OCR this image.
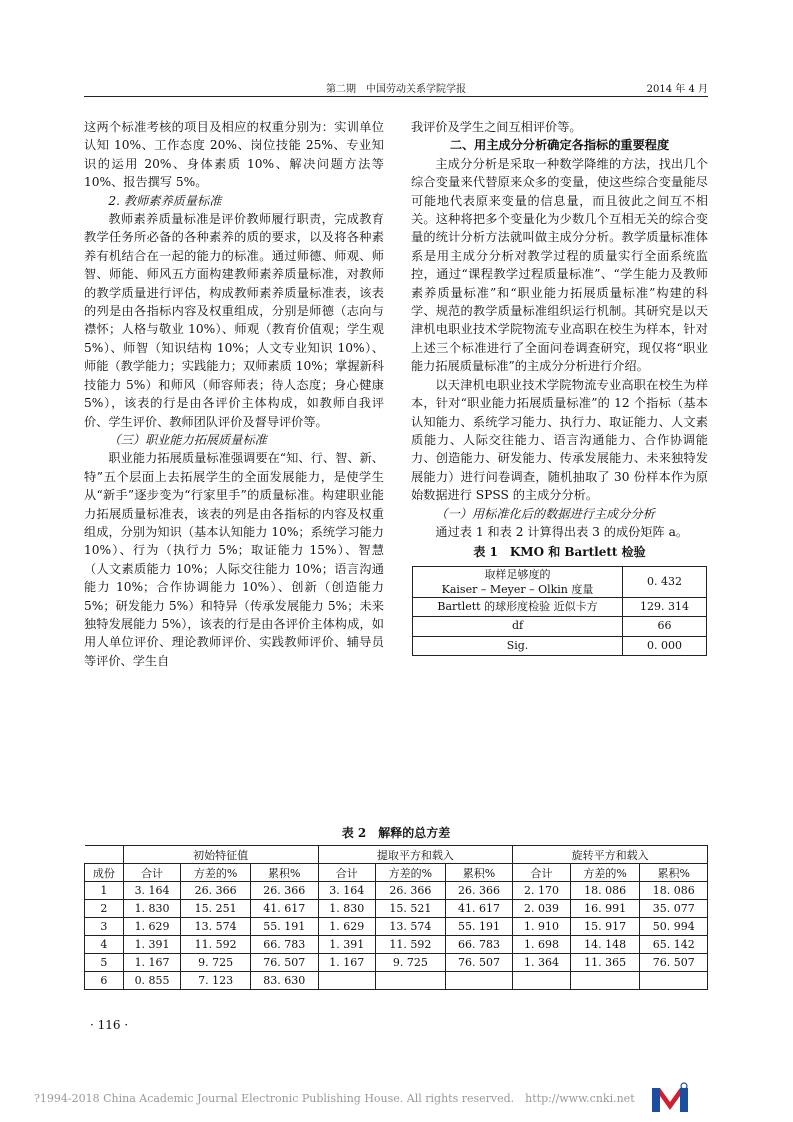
第二期　 中国劳动关系学院学报	2014 年 4 月

这两个标准考核的项目及相应的权重分别为：实训单位认知 10%、工作态度 20%、岗位技能 25%、专业知识的运用 20%、身体素质 10%、解决问题方法等 10%、报告撰写 5%。

2. 教师素养质量标准

教师素养质量标准是评价教师履行职责，完成教育教学任务所必备的各种素养的质的要求，以及将各种素养有机结合在一起的能力的标准。通过师德、师观、师智、师能、师风五方面构建教师素养质量标准，对教师的教学质量进行评估，构成教师素养质量标准表，该表的列是由各指标内容及权重组成，分别是师德（志向与襟怀；人格与敬业 10%）、师观（教育价值观；学生观 5%）、师智（知识结构 10%；人文专业知识 10%）、师能（教学能力；实践能力；双师素质 10%；掌握新科技能力 5%）和师风（师容师表；待人态度；身心健康 5%），该表的行是由各评价主体构成，如教师自我评价、学生评价、教师团队评价及督导评价等。

（三）职业能力拓展质量标准

职业能力拓展质量标准强调要在“知、行、智、新、特”五个层面上去拓展学生的全面发展能力，是使学生从“新手”逐步变为“行家里手”的质量标准。构建职业能力拓展质量标准表，该表的列是由各指标的内容及权重组成，分别为知识（基本认知能力 10%；系统学习能力 10%）、行为（执行力 5%；取证能力 15%）、智慧（人文素质能力 10%；人际交往能力 10%；语言沟通能力 10%；合作协调能力 10%）、创新（创造能力 5%；研发能力 5%）和特异（传承发展能力 5%；未来独特发展能力 5%），该表的行是由各评价主体构成，如用人单位评价、理论教师评价、实践教师评价、辅导员等评价、学生自

我评价及学生之间互相评价等。

二、用主成分分析确定各指标的重要程度

主成分分析是采取一种数学降维的方法，找出几个综合变量来代替原来众多的变量，使这些综合变量能尽可能地代表原来变量的信息量，而且彼此之间互不相关。这种将把多个变量化为少数几个互相无关的综合变量的统计分析方法就叫做主成分分析。教学质量标准体系是用主成分分析对教学过程的质量实行全面系统监控，通过“课程教学过程质量标准”、“学生能力及教师素养质量标准”和“职业能力拓展质量标准”构建的科学、规范的教学质量标准组织运行机制。其研究是以天津机电职业技术学院物流专业高职在校生为样本，针对上述三个标准进行了全面问卷调查研究，现仅将“职业能力拓展质量标准”的主成分分析进行介绍。

以天津机电职业技术学院物流专业高职在校生为样本，针对“职业能力拓展质量标准”的 12 个指标（基本认知能力、系统学习能力、执行力、取证能力、人文素质能力、人际交往能力、语言沟通能力、合作协调能力、创造能力、研发能力、传承发展能力、未来独特发展能力）进行问卷调查，随机抽取了 30 份样本作为原始数据进行 SPSS 的主成分分析。

（一）用标准化后的数据进行主成分分析

通过表 1 和表 2 计算得出表 3 的成份矩阵 a。

表 1　KMO 和 Bartlett 检验
取样足够度的
Kaiser – Meyer – Olkin 度量	0. 432
Bartlett 的球形度检验 近似卡方	129. 314
df	66
Sig.	0. 000
表 2　解释的总方差
	初始特征值			提取平方和载入			旋转平方和载入		
成份	合计	方差的%	累积%	合计	方差的%	累积%	合计	方差的%	累积%
1	3. 164	26. 366	26. 366	3. 164	26. 366	26. 366	2. 170	18. 086	18. 086
2	1. 830	15. 251	41. 617	1. 830	15. 521	41. 617	2. 039	16. 991	35. 077
3	1. 629	13. 574	55. 191	1. 629	13. 574	55. 191	1. 910	15. 917	50. 994
4	1. 391	11. 592	66. 783	1. 391	11. 592	66. 783	1. 698	14. 148	65. 142
5	1. 167	9. 725	76. 507	1. 167	9. 725	76. 507	1. 364	11. 365	76. 507
6	0. 855	7. 123	83. 630						
· 116 ·
?1994-2018 China Academic Journal Electronic Publishing House. All rights reserved.　http://www.cnki.net
